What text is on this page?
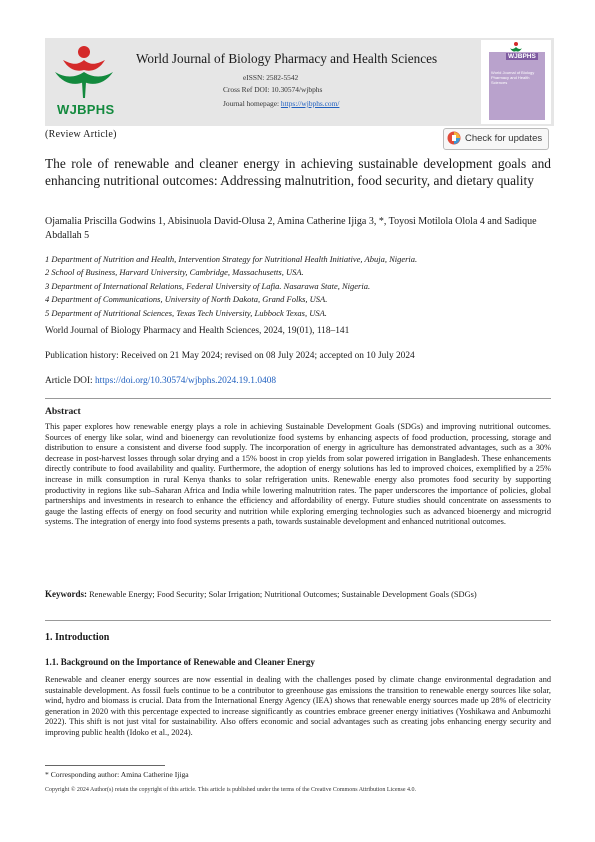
WJBPHS
World Journal of Biology Pharmacy and Health Sciences
eISSN: 2582-5542
Cross Ref DOI: 10.30574/wjbphs
Journal homepage: https://wjbphs.com/
WJBPHS
World Journal of Biology Pharmacy and Health Sciences
(Review Article)	Check for updates
The role of renewable and cleaner energy in achieving sustainable development goals and enhancing nutritional outcomes: Addressing malnutrition, food security, and dietary quality
Ojamalia Priscilla Godwins 1, Abisinuola David-Olusa 2, Amina Catherine Ijiga 3, *, Toyosi Motilola Olola 4 and Sadique Abdallah 5
1 Department of Nutrition and Health, Intervention Strategy for Nutritional Health Initiative, Abuja, Nigeria.
2 School of Business, Harvard University, Cambridge, Massachusetts, USA.
3 Department of International Relations, Federal University of Lafia. Nasarawa State, Nigeria.
4 Department of Communications, University of North Dakota, Grand Folks, USA.
5 Department of Nutritional Sciences, Texas Tech University, Lubbock Texas, USA.
World Journal of Biology Pharmacy and Health Sciences, 2024, 19(01), 118–141
Publication history: Received on 21 May 2024; revised on 08 July 2024; accepted on 10 July 2024
Article DOI: https://doi.org/10.30574/wjbphs.2024.19.1.0408
Abstract
This paper explores how renewable energy plays a role in achieving Sustainable Development Goals (SDGs) and improving nutritional outcomes. Sources of energy like solar, wind and bioenergy can revolutionize food systems by enhancing aspects of food production, processing, storage and distribution to ensure a consistent and diverse food supply. The incorporation of energy in agriculture has demonstrated advantages, such as a 30% decrease in post-harvest losses through solar drying and a 15% boost in crop yields from solar powered irrigation in Bangladesh. These enhancements directly contribute to food availability and quality. Furthermore, the adoption of energy solutions has led to improved choices, exemplified by a 25% increase in milk consumption in rural Kenya thanks to solar refrigeration units. Renewable energy also promotes food security by supporting productivity in regions like sub–Saharan Africa and India while lowering malnutrition rates. The paper underscores the importance of policies, global partnerships and investments in research to enhance the efficiency and affordability of energy. Future studies should concentrate on assessments to gauge the lasting effects of energy on food security and nutrition while exploring emerging technologies such as advanced bioenergy and microgrid systems. The integration of energy into food systems presents a path, towards sustainable development and enhanced nutritional outcomes.
Keywords: Renewable Energy; Food Security; Solar Irrigation; Nutritional Outcomes; Sustainable Development Goals (SDGs)
1. Introduction
1.1. Background on the Importance of Renewable and Cleaner Energy
Renewable and cleaner energy sources are now essential in dealing with the challenges posed by climate change environmental degradation and sustainable development. As fossil fuels continue to be a contributor to greenhouse gas emissions the transition to renewable energy sources like solar, wind, hydro and biomass is crucial. Data from the International Energy Agency (IEA) shows that renewable energy sources made up 28% of electricity generation in 2020 with this percentage expected to increase significantly as countries embrace greener energy initiatives (Yoshikawa and Anbumozhi 2022). This shift is not just vital for sustainability. Also offers economic and social advantages such as creating jobs enhancing energy security and improving public health (Idoko et al., 2024).
* Corresponding author: Amina Catherine Ijiga
Copyright © 2024 Author(s) retain the copyright of this article. This article is published under the terms of the Creative Commons Attribution License 4.0.
